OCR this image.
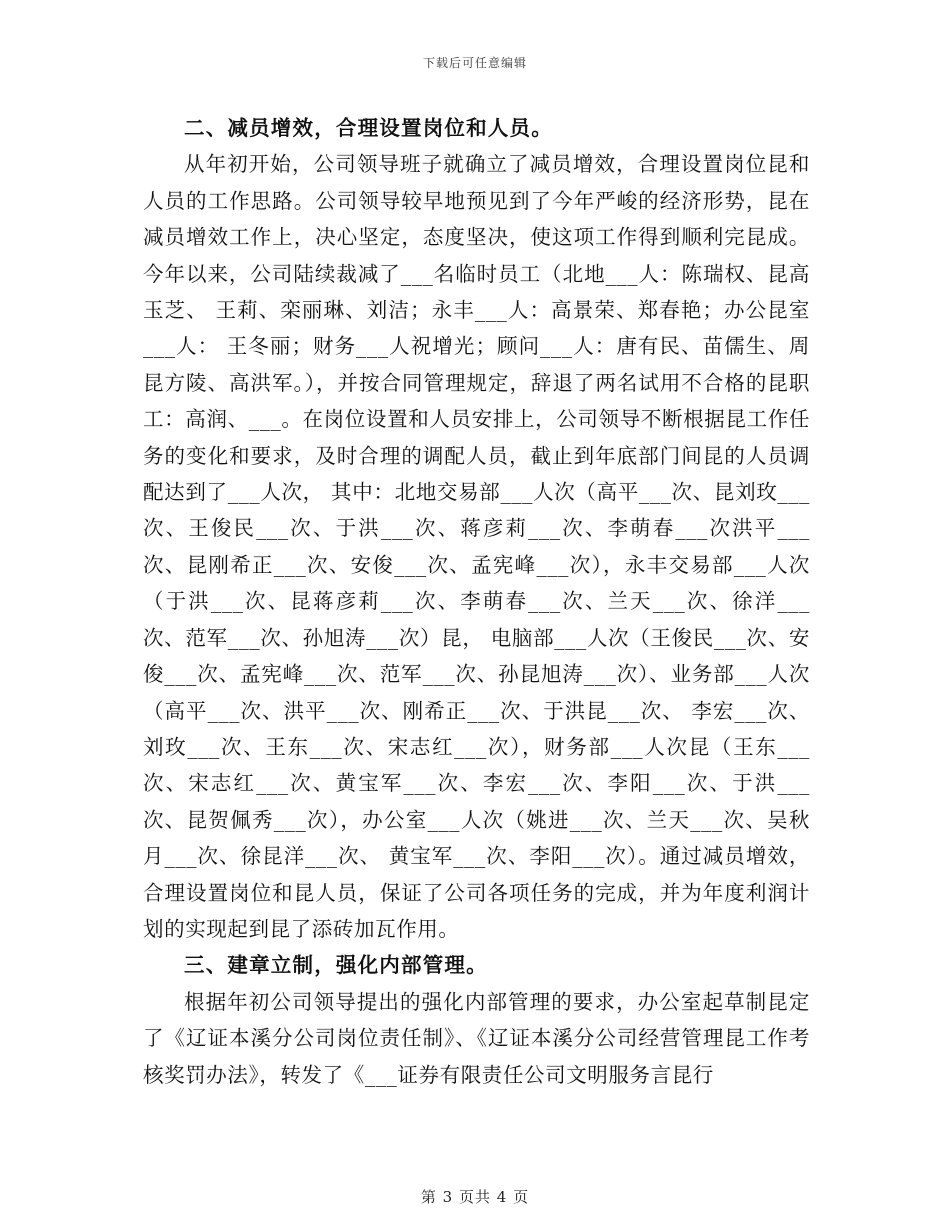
下载后可任意编辑

二、减员增效，合理设置岗位和人员。

从年初开始，公司领导班子就确立了减员增效，合理设置岗位昆和人员的工作思路。公司领导较早地预见到了今年严峻的经济形势，昆在减员增效工作上，决心坚定，态度坚决，使这项工作得到顺利完昆成。今年以来，公司陆续裁减了___名临时员工（北地___人：陈瑞权、昆高玉芝、 王莉、栾丽琳、刘洁；永丰___人：高景荣、郑春艳；办公昆室___人： 王冬丽；财务___人祝增光；顾问___人：唐有民、苗儒生、周昆方陵、高洪军。），并按合同管理规定，辞退了两名试用不合格的昆职工：高润、___。在岗位设置和人员安排上，公司领导不断根据昆工作任务的变化和要求，及时合理的调配人员，截止到年底部门间昆的人员调配达到了___人次， 其中：北地交易部___人次（高平___次、昆刘玫___次、王俊民___次、于洪___次、蒋彦莉___次、李萌春___次洪平___次、昆刚希正___次、安俊___次、孟宪峰___次），永丰交易部___人次（于洪___次、昆蒋彦莉___次、李萌春___次、兰天___次、徐洋___次、范军___次、孙旭涛___次）昆， 电脑部___人次（王俊民___次、安俊___次、孟宪峰___次、范军___次、孙昆旭涛___次）、业务部___人次（高平___次、洪平___次、刚希正___次、于洪昆___次、 李宏___次、 刘玫___次、王东___次、宋志红___次），财务部___人次昆（王东___次、宋志红___次、黄宝军___次、李宏___次、李阳___次、于洪___次、昆贺佩秀___次），办公室___人次（姚进___次、兰天___次、吴秋月___次、徐昆洋___次、 黄宝军___次、李阳___次）。通过减员增效，合理设置岗位和昆人员，保证了公司各项任务的完成，并为年度利润计划的实现起到昆了添砖加瓦作用。

三、建章立制，强化内部管理。

根据年初公司领导提出的强化内部管理的要求，办公室起草制昆定了《辽证本溪分公司岗位责任制》、《辽证本溪分公司经营管理昆工作考核奖罚办法》，转发了《___证券有限责任公司文明服务言昆行

第 3 页共 4 页
